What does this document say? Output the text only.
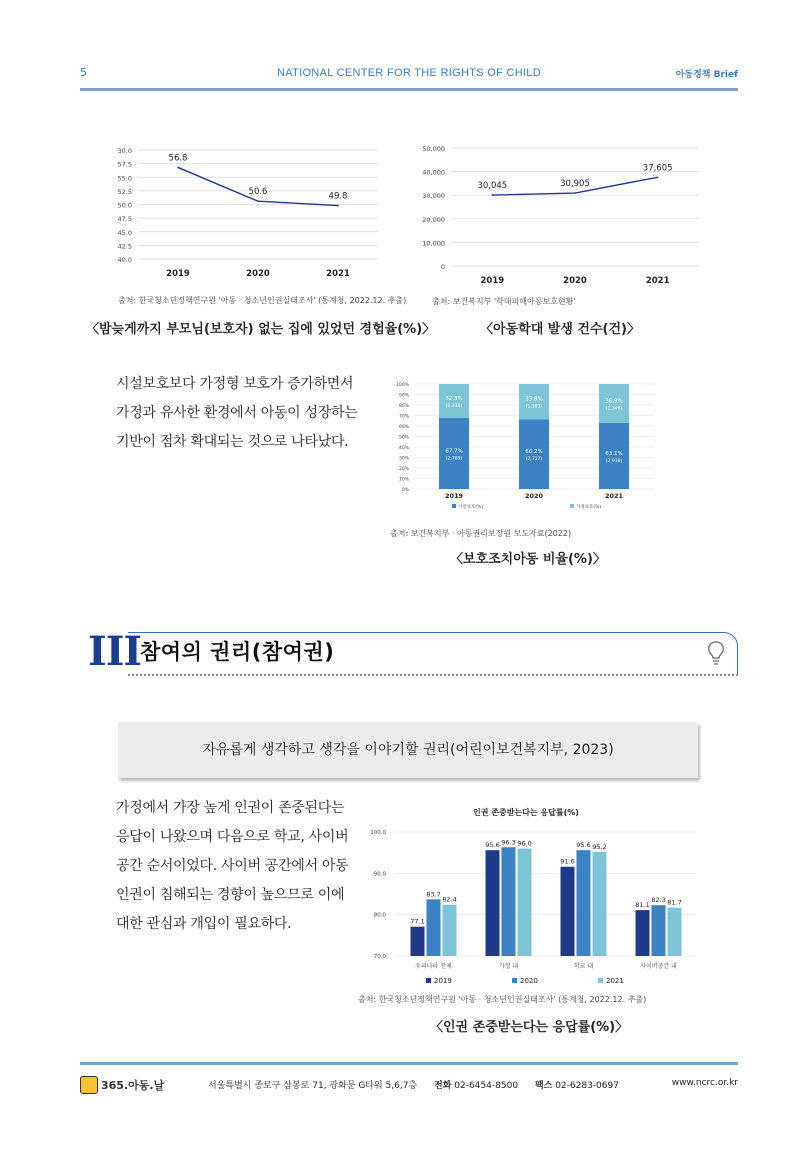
5	NATIONAL CENTER FOR THE RIGHTS OF CHILD	아동정책 Brief
30.0
57.5
55.0
52.5
50.0
47.5
45.0
42.5
40.0
56.8
50.6	49.8
2019	2020	2021
출처: 한국청소년정책연구원 '아동 · 청소년인권실태조사' (통계청, 2022.12. 추출)
〈밤늦게까지 부모님(보호자) 없는 집에 있었던 경험율(%)〉
50,000
40,000
30,000
20,000
10,000
0
30,045	30,905
37,605
2019	2020	2021
출처: 보건복지부 '학대피해아동보호현황'
〈아동학대 발생 건수(건)〉
시설보호보다 가정형 보호가 증가하면서
가정과 유사한 환경에서 아동이 성장하는
기반이 점차 확대되는 것으로 나타났다.
100%
90%
80%
70%
60%
50%
40%
30%
20%
10%
0%
67.7%
(2,789)
32.3%
(1,330)
2019
66.2%
(2,727)
33.8%
(1,393)
2020
63.1%
(2,938)
36.9%
(1,348)
2021
시설보호(%)	가정보호(%)
출처: 보건복지부 · 아동권리보장원 보도자료(2022)
〈보호조치아동 비율(%)〉
III
참여의 권리(참여권)
자유롭게 생각하고 생각을 이야기할 권리(어린이보건복지부, 2023)
가정에서 가장 높게 인권이 존중된다는
응답이 나왔으며 다음으로 학교, 사이버
공간 순서이었다. 사이버 공간에서 아동
인권이 침해되는 경향이 높으므로 이에
대한 관심과 개입이 필요하다.
인권 존중받는다는 응답률(%)
100.0
90.0
80.0
70.0
77.1
83.7
82.4
우리나라 전체
95.6 96.3 96.0
가정 내
91.6
95.6 95.2
학교 내
81.1
82.3 81.7
사이버공간 내
2019	2020	2021
출처: 한국청소년정책연구원 '아동 · 청소년인권실태조사' (통계청, 2022.12. 추출)
〈인권 존중받는다는 응답률(%)〉
365.아동.날	서울특별시 종로구 삼봉로 71, 광화문 G타워 5,6,7층 전화 02-6454-8500 팩스 02-6283-0697	www.ncrc.or.kr
